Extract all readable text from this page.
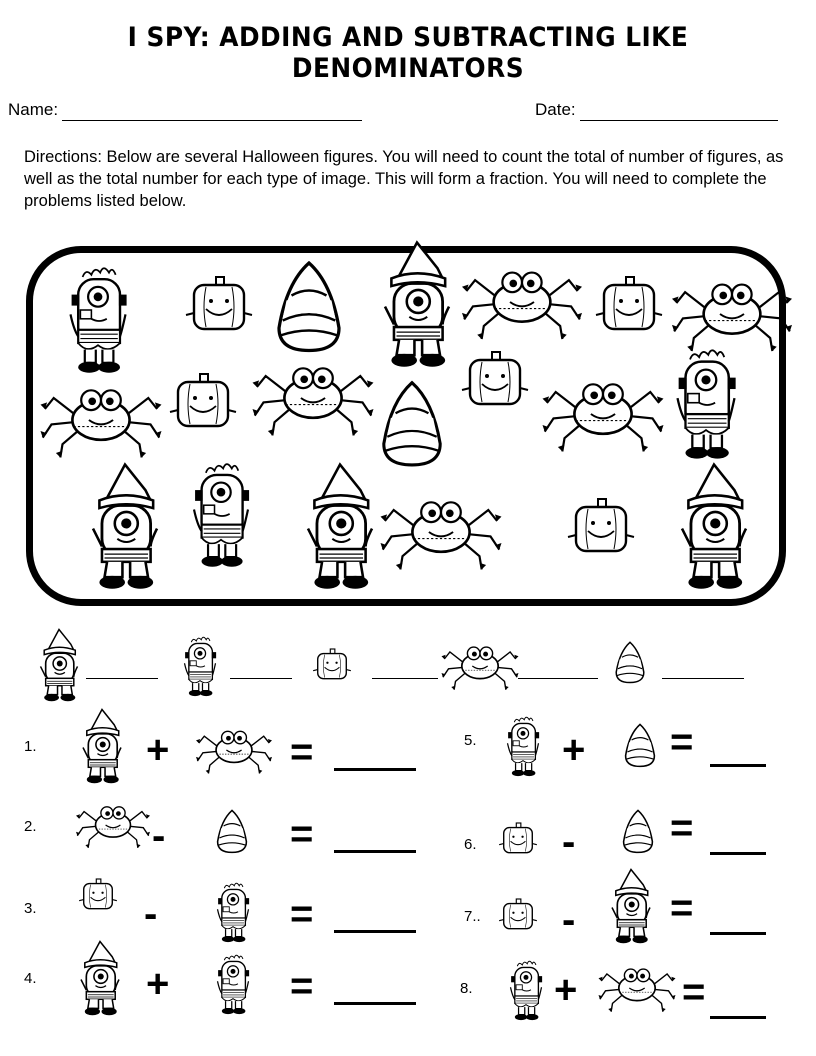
I SPY: ADDING AND SUBTRACTING LIKE DENOMINATORS
Name:	Date:
Directions: Below are several Halloween figures. You will need to count the total of number of figures, as well as the total number for each type of image. This will form a fraction. You will need to complete the problems listed below.
1.	+	=
2.	-	=
3.	-	=
4.	+	=
5. + =
6. - =
7.. - =
8. +	=
